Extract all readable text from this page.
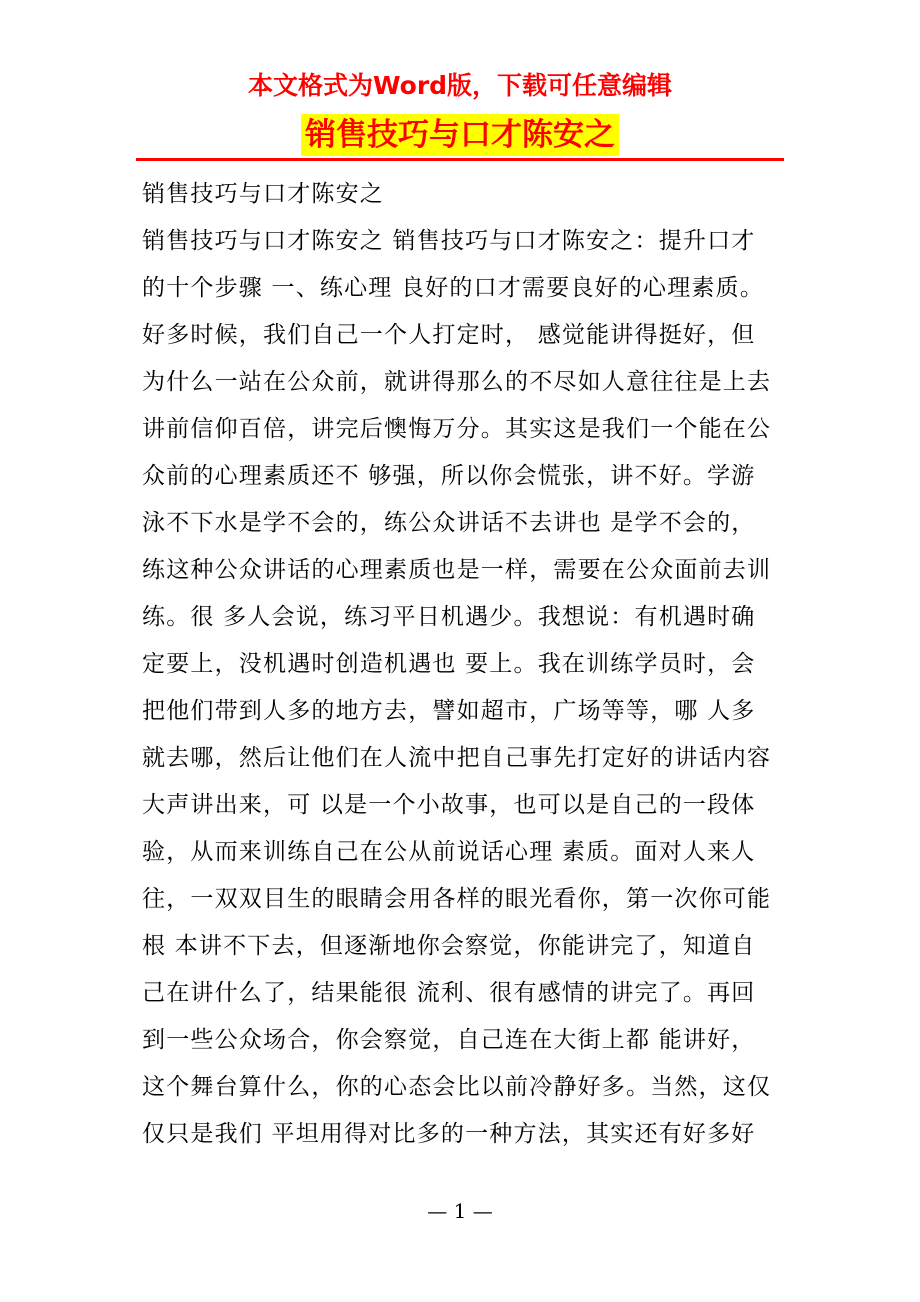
本文格式为Word版，下载可任意编辑
销售技巧与口才陈安之
销售技巧与口才陈安之
销售技巧与口才陈安之 销售技巧与口才陈安之：提升口才
的十个步骤 一、练心理 良好的口才需要良好的心理素质。
好多时候，我们自己一个人打定时， 感觉能讲得挺好，但
为什么一站在公众前，就讲得那么的不尽如人意往往是上去
讲前信仰百倍，讲完后懊悔万分。其实这是我们一个能在公
众前的心理素质还不 够强，所以你会慌张，讲不好。学游
泳不下水是学不会的，练公众讲话不去讲也 是学不会的，
练这种公众讲话的心理素质也是一样，需要在公众面前去训
练。很 多人会说，练习平日机遇少。我想说：有机遇时确
定要上，没机遇时创造机遇也 要上。我在训练学员时，会
把他们带到人多的地方去，譬如超市，广场等等，哪 人多
就去哪，然后让他们在人流中把自己事先打定好的讲话内容
大声讲出来，可 以是一个小故事，也可以是自己的一段体
验，从而来训练自己在公从前说话心理 素质。面对人来人
往，一双双目生的眼睛会用各样的眼光看你，第一次你可能
根 本讲不下去，但逐渐地你会察觉，你能讲完了，知道自
己在讲什么了，结果能很 流利、很有感情的讲完了。再回
到一些公众场合，你会察觉，自己连在大街上都 能讲好，
这个舞台算什么，你的心态会比以前冷静好多。当然，这仅
仅只是我们 平坦用得对比多的一种方法，其实还有好多好
— 1 —
